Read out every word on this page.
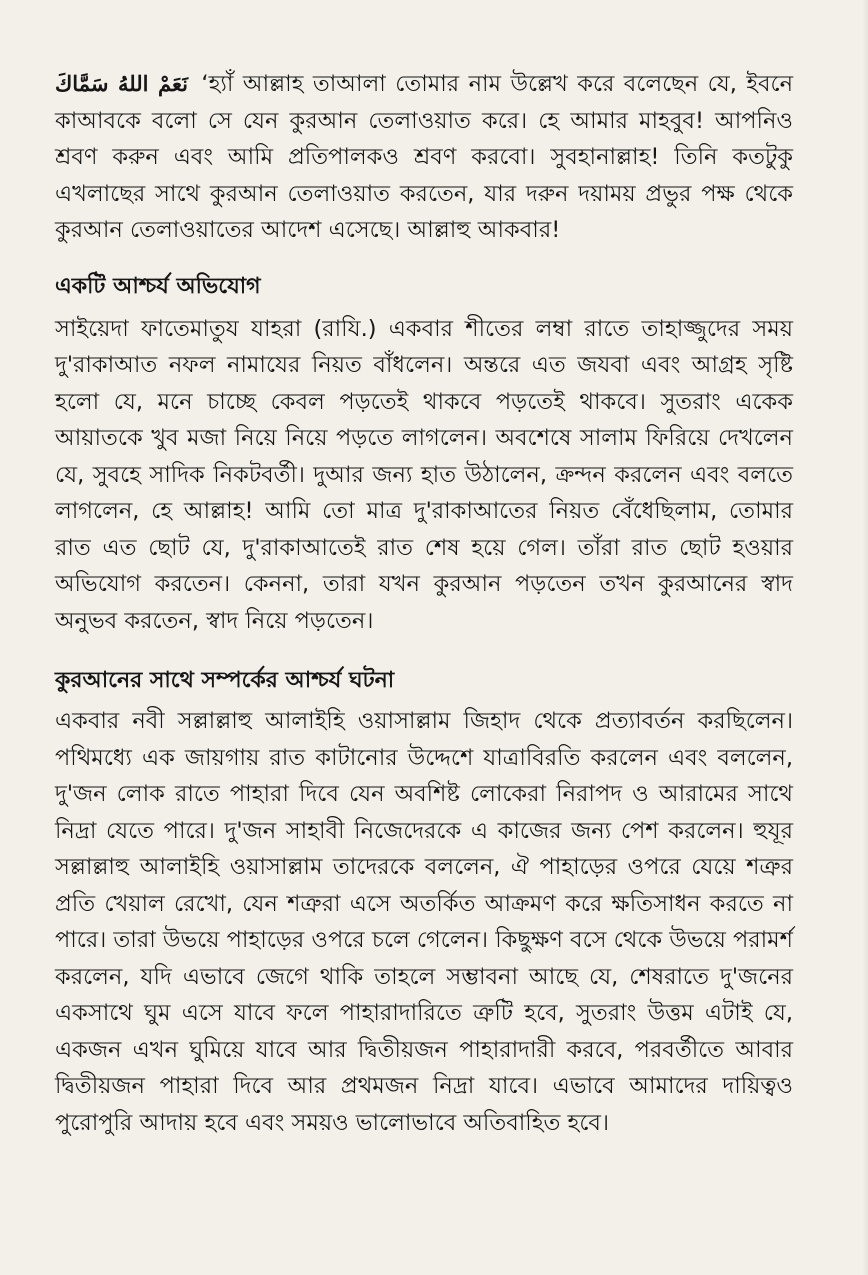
نَعَمْ اللهُ سَمَّاكَ ‘হ্যাঁ আল্লাহ তাআলা তোমার নাম উল্লেখ করে বলেছেন যে, ইবনে কাআবকে বলো সে যেন কুরআন তেলাওয়াত করে। হে আমার মাহবুব! আপনিও শ্রবণ করুন এবং আমি প্রতিপালকও শ্রবণ করবো। সুবহানাল্লাহ! তিনি কতটুকু এখলাছের সাথে কুরআন তেলাওয়াত করতেন, যার দরুন দয়াময় প্রভুর পক্ষ থেকে কুরআন তেলাওয়াতের আদেশ এসেছে। আল্লাহু আকবার!

একটি আশ্চর্য অভিযোগ

সাইয়েদা ফাতেমাতুয যাহরা (রাযি.) একবার শীতের লম্বা রাতে তাহাজ্জুদের সময় দু'রাকাআত নফল নামাযের নিয়ত বাঁধলেন। অন্তরে এত জযবা এবং আগ্রহ সৃষ্টি হলো যে, মনে চাচ্ছে কেবল পড়তেই থাকবে পড়তেই থাকবে। সুতরাং একেক আয়াতকে খুব মজা নিয়ে নিয়ে পড়তে লাগলেন। অবশেষে সালাম ফিরিয়ে দেখলেন যে, সুবহে সাদিক নিকটবর্তী। দুআর জন্য হাত উঠালেন, ক্রন্দন করলেন এবং বলতে লাগলেন, হে আল্লাহ! আমি তো মাত্র দু'রাকাআতের নিয়ত বেঁধেছিলাম, তোমার রাত এত ছোট যে, দু'রাকাআতেই রাত শেষ হয়ে গেল। তাঁরা রাত ছোট হওয়ার অভিযোগ করতেন। কেননা, তারা যখন কুরআন পড়তেন তখন কুরআনের স্বাদ অনুভব করতেন, স্বাদ নিয়ে পড়তেন।

কুরআনের সাথে সম্পর্কের আশ্চর্য ঘটনা

একবার নবী সল্লাল্লাহু আলাইহি ওয়াসাল্লাম জিহাদ থেকে প্রত্যাবর্তন করছিলেন। পথিমধ্যে এক জায়গায় রাত কাটানোর উদ্দেশে যাত্রাবিরতি করলেন এবং বললেন, দু'জন লোক রাতে পাহারা দিবে যেন অবশিষ্ট লোকেরা নিরাপদ ও আরামের সাথে নিদ্রা যেতে পারে। দু'জন সাহাবী নিজেদেরকে এ কাজের জন্য পেশ করলেন। হুযূর সল্লাল্লাহু আলাইহি ওয়াসাল্লাম তাদেরকে বললেন, ঐ পাহাড়ের ওপরে যেয়ে শত্রুর প্রতি খেয়াল রেখো, যেন শত্রুরা এসে অতর্কিত আক্রমণ করে ক্ষতিসাধন করতে না পারে। তারা উভয়ে পাহাড়ের ওপরে চলে গেলেন। কিছুক্ষণ বসে থেকে উভয়ে পরামর্শ করলেন, যদি এভাবে জেগে থাকি তাহলে সম্ভাবনা আছে যে, শেষরাতে দু'জনের একসাথে ঘুম এসে যাবে ফলে পাহারাদারিতে ত্রুটি হবে, সুতরাং উত্তম এটাই যে, একজন এখন ঘুমিয়ে যাবে আর দ্বিতীয়জন পাহারাদারী করবে, পরবর্তীতে আবার দ্বিতীয়জন পাহারা দিবে আর প্রথমজন নিদ্রা যাবে। এভাবে আমাদের দায়িত্বও পুরোপুরি আদায় হবে এবং সময়ও ভালোভাবে অতিবাহিত হবে।
